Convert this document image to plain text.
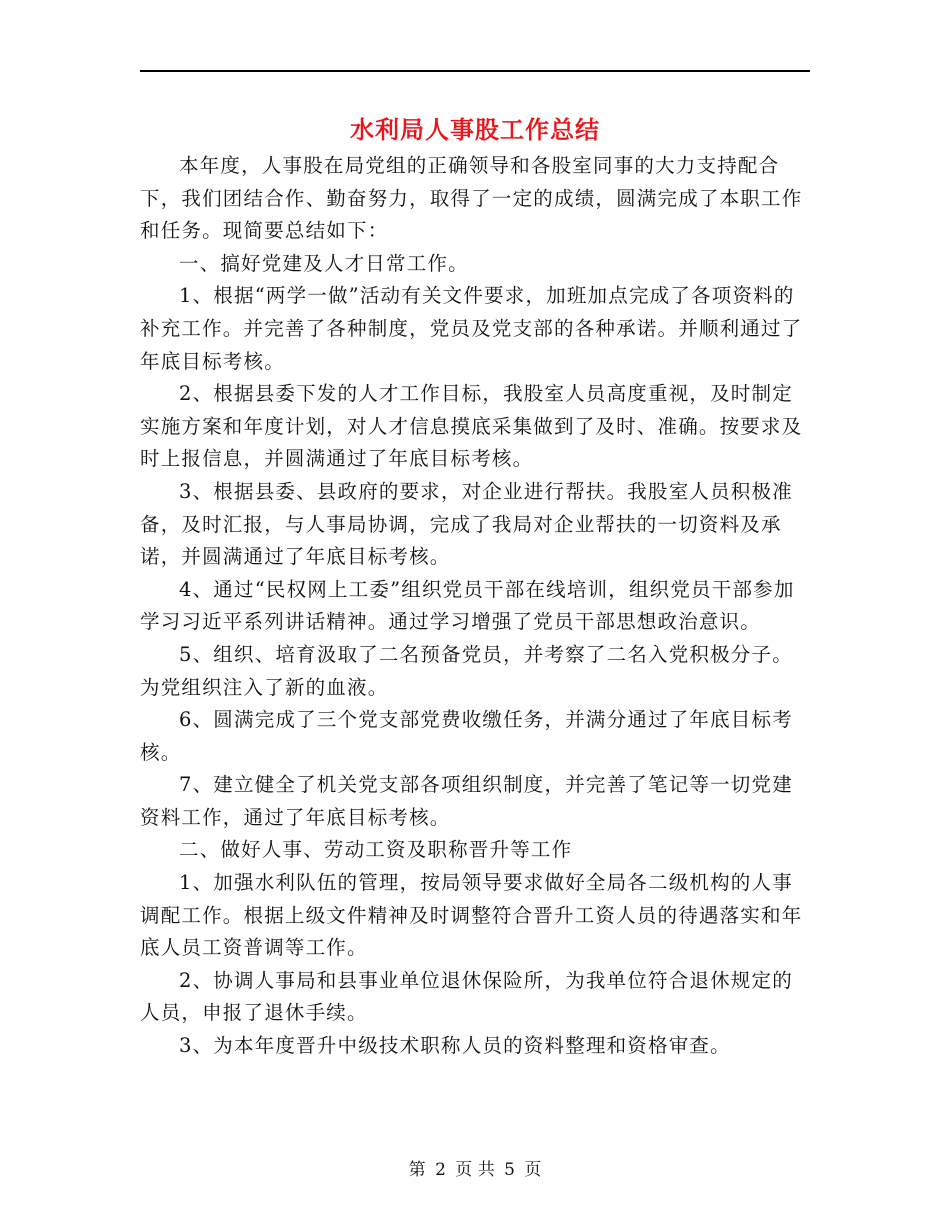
水利局人事股工作总结

本年度，人事股在局党组的正确领导和各股室同事的大力支持配合下，我们团结合作、勤奋努力，取得了一定的成绩，圆满完成了本职工作和任务。现简要总结如下：

一、搞好党建及人才日常工作。

1、根据“两学一做”活动有关文件要求，加班加点完成了各项资料的补充工作。并完善了各种制度，党员及党支部的各种承诺。并顺利通过了年底目标考核。

2、根据县委下发的人才工作目标，我股室人员高度重视，及时制定实施方案和年度计划，对人才信息摸底采集做到了及时、准确。按要求及时上报信息，并圆满通过了年底目标考核。

3、根据县委、县政府的要求，对企业进行帮扶。我股室人员积极准备，及时汇报，与人事局协调，完成了我局对企业帮扶的一切资料及承诺，并圆满通过了年底目标考核。

4、通过“民权网上工委”组织党员干部在线培训，组织党员干部参加学习习近平系列讲话精神。通过学习增强了党员干部思想政治意识。

5、组织、培育汲取了二名预备党员，并考察了二名入党积极分子。为党组织注入了新的血液。

6、圆满完成了三个党支部党费收缴任务，并满分通过了年底目标考核。

7、建立健全了机关党支部各项组织制度，并完善了笔记等一切党建资料工作，通过了年底目标考核。

二、做好人事、劳动工资及职称晋升等工作

1、加强水利队伍的管理，按局领导要求做好全局各二级机构的人事调配工作。根据上级文件精神及时调整符合晋升工资人员的待遇落实和年底人员工资普调等工作。

2、协调人事局和县事业单位退休保险所，为我单位符合退休规定的人员，申报了退休手续。

3、为本年度晋升中级技术职称人员的资料整理和资格审查。

第 2 页 共 5 页
